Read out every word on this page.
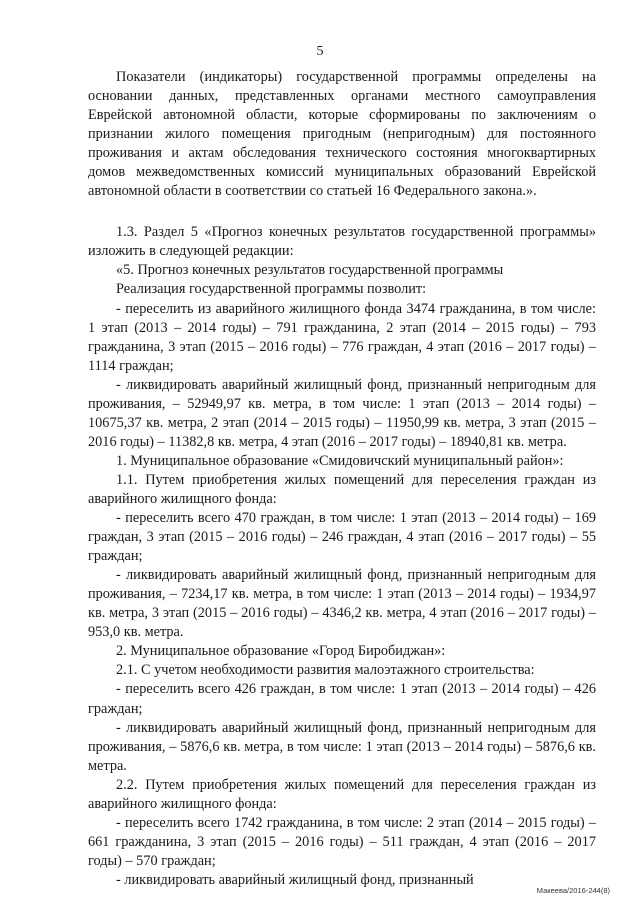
5

Показатели (индикаторы) государственной программы определены на основании данных, представленных органами местного самоуправления Еврейской автономной области, которые сформированы по заключениям о признании жилого помещения пригодным (непригодным) для постоянного проживания и актам обследования технического состояния многоквартирных домов межведомственных комиссий муниципальных образований Еврейской автономной области в соответствии со статьей 16 Федерального закона.».

1.3. Раздел 5 «Прогноз конечных результатов государственной программы» изложить в следующей редакции:

«5. Прогноз конечных результатов государственной программы

Реализация государственной программы позволит:

- переселить из аварийного жилищного фонда 3474 гражданина, в том числе: 1 этап (2013 – 2014 годы) – 791 гражданина, 2 этап (2014 – 2015 годы) – 793 гражданина, 3 этап (2015 – 2016 годы) – 776 граждан, 4 этап (2016 – 2017 годы) – 1114 граждан;

- ликвидировать аварийный жилищный фонд, признанный непригодным для проживания, – 52949,97 кв. метра, в том числе: 1 этап (2013 – 2014 годы) – 10675,37 кв. метра, 2 этап (2014 – 2015 годы) – 11950,99 кв. метра, 3 этап (2015 – 2016 годы) – 11382,8 кв. метра, 4 этап (2016 – 2017 годы) – 18940,81 кв. метра.

1. Муниципальное образование «Смидовичский муниципальный район»:

1.1. Путем приобретения жилых помещений для переселения граждан из аварийного жилищного фонда:

- переселить всего 470 граждан, в том числе: 1 этап (2013 – 2014 годы) – 169 граждан, 3 этап (2015 – 2016 годы) – 246 граждан, 4 этап (2016 – 2017 годы) – 55 граждан;

- ликвидировать аварийный жилищный фонд, признанный непригодным для проживания, – 7234,17 кв. метра, в том числе: 1 этап (2013 – 2014 годы) – 1934,97 кв. метра, 3 этап (2015 – 2016 годы) – 4346,2 кв. метра, 4 этап (2016 – 2017 годы) – 953,0 кв. метра.

2. Муниципальное образование «Город Биробиджан»:

2.1. С учетом необходимости развития малоэтажного строительства:

- переселить всего 426 граждан, в том числе: 1 этап (2013 – 2014 годы) – 426 граждан;

- ликвидировать аварийный жилищный фонд, признанный непригодным для проживания, – 5876,6 кв. метра, в том числе: 1 этап (2013 – 2014 годы) – 5876,6 кв. метра.

2.2. Путем приобретения жилых помещений для переселения граждан из аварийного жилищного фонда:

- переселить всего 1742 гражданина, в том числе: 2 этап (2014 – 2015 годы) – 661 гражданина, 3 этап (2015 – 2016 годы) – 511 граждан, 4 этап (2016 – 2017 годы) – 570 граждан;

- ликвидировать аварийный жилищный фонд, признанный

Макеева/2016-244(8)
